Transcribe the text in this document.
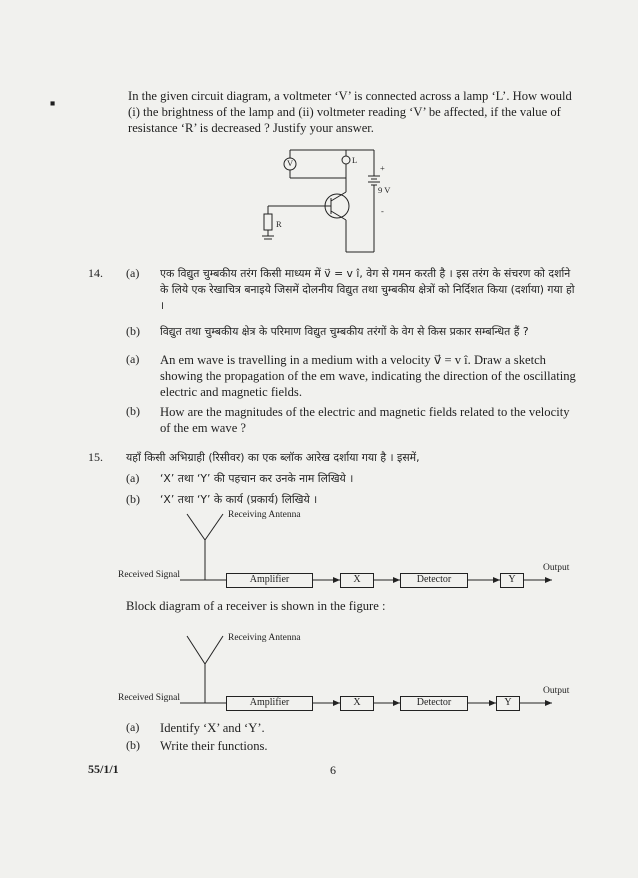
■	In the given circuit diagram, a voltmeter ‘V’ is connected across a lamp ‘L’. How would (i) the brightness of the lamp and (ii) voltmeter reading ‘V’ be affected, if the value of resistance ‘R’ is decreased ? Justify your answer.
V	L
+
9 V
-
R
14. (a) एक विद्युत चुम्बकीय तरंग किसी माध्यम में v⃗ = v î, वेग से गमन करती है । इस तरंग के संचरण को दर्शाने के लिये एक रेखाचित्र बनाइये जिसमें दोलनीय विद्युत तथा चुम्बकीय क्षेत्रों को निर्दिशत किया (दर्शाया) गया हो ।
(b) विद्युत तथा चुम्बकीय क्षेत्र के परिमाण विद्युत चुम्बकीय तरंगों के वेग से किस प्रकार सम्बन्धित हैं ?
(a) An em wave is travelling in a medium with a velocity v⃗ = v î. Draw a sketch showing the propagation of the em wave, indicating the direction of the oscillating electric and magnetic fields.
(b) How are the magnitudes of the electric and magnetic fields related to the velocity of the em wave ?
15. यहाँ किसी अभिग्राही (रिसीवर) का एक ब्लॉक आरेख दर्शाया गया है । इसमें,
(a) ‘X’ तथा ‘Y’ की पहचान कर उनके नाम लिखिये ।
(b) ‘X’ तथा ‘Y’ के कार्य (प्रकार्य) लिखिये ।
Receiving Antenna
Received Signal	Amplifier	X	Detector	Y
Output
Block diagram of a receiver is shown in the figure :
Receiving Antenna
Received Signal	Amplifier	X	Detector	Y
Output
(a) Identify ‘X’ and ‘Y’.
(b) Write their functions.
55/1/1	6
